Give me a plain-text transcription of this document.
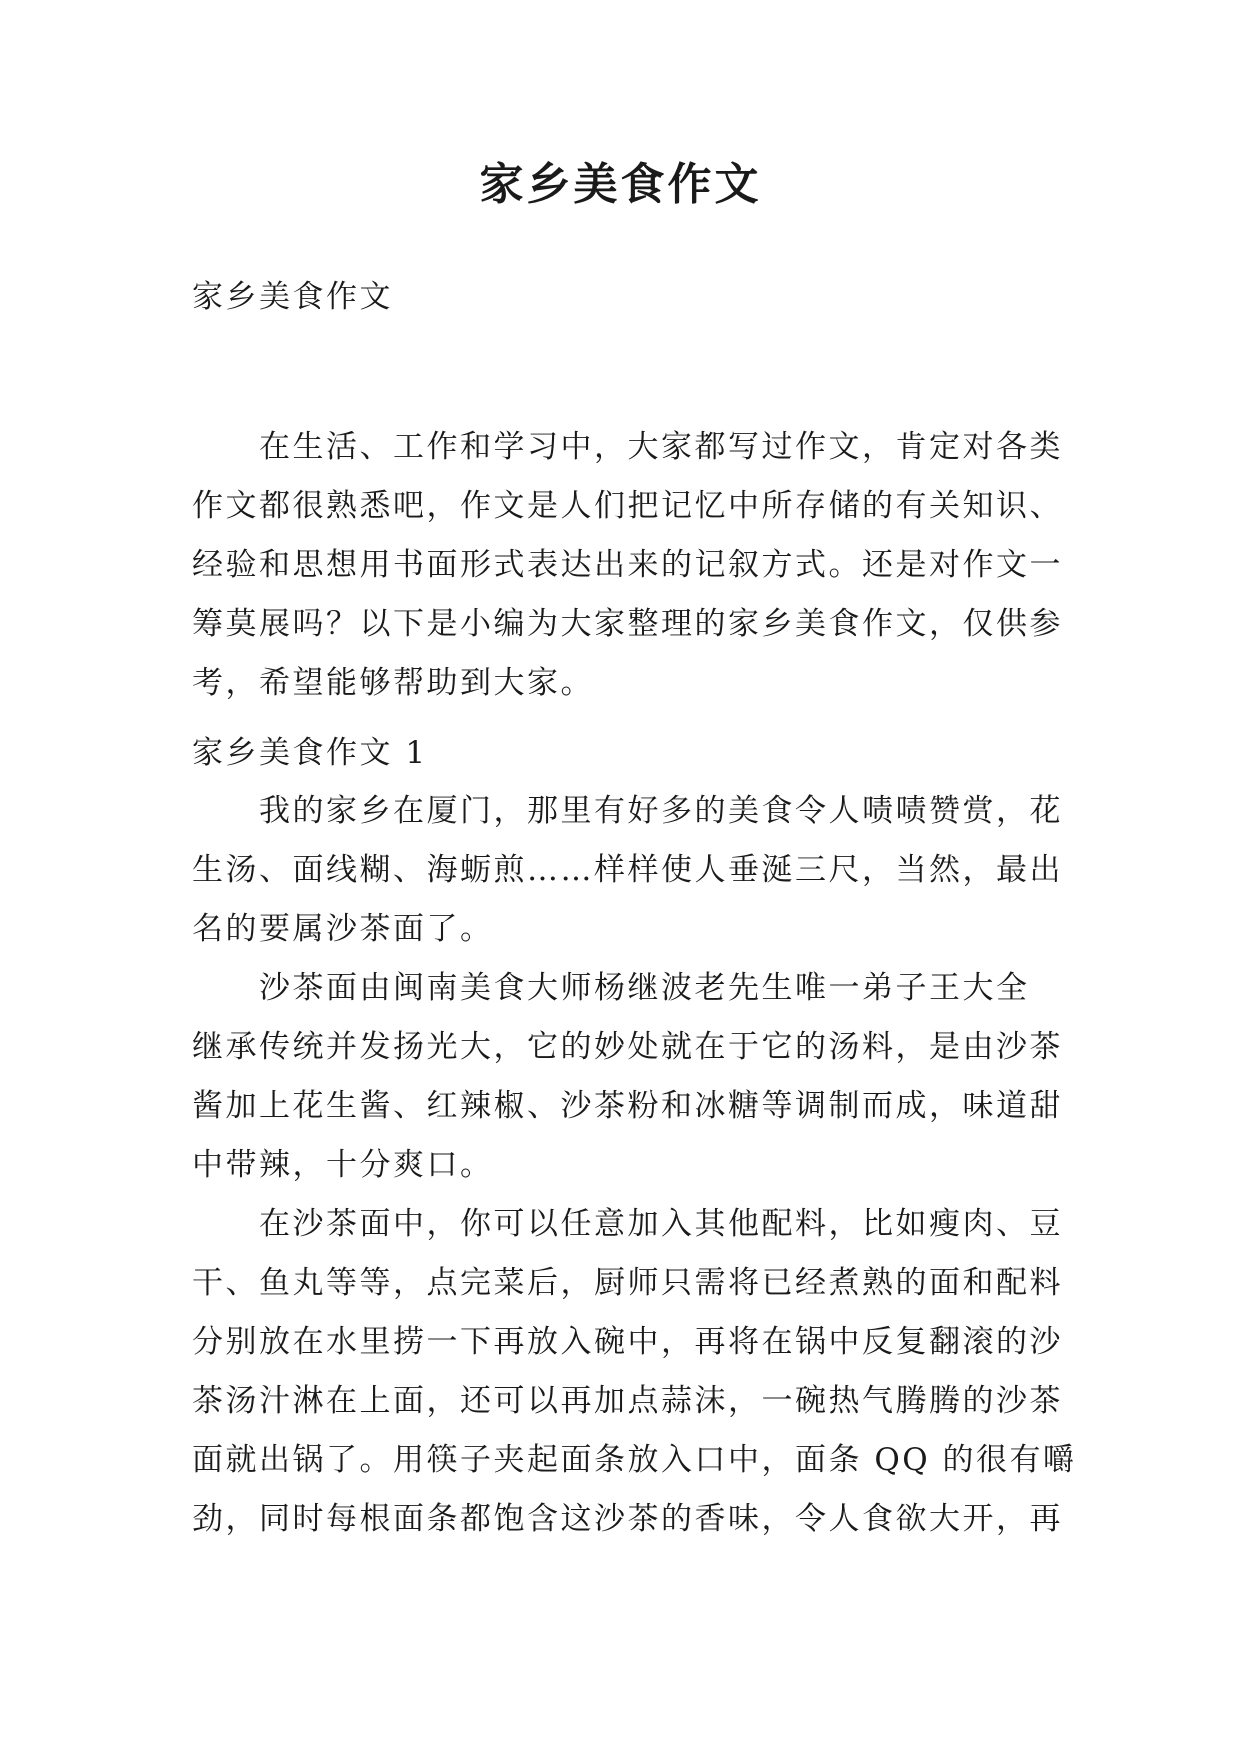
家乡美食作文
家乡美食作文
　　在生活、工作和学习中，大家都写过作文，肯定对各类
作文都很熟悉吧，作文是人们把记忆中所存储的有关知识、
经验和思想用书面形式表达出来的记叙方式。还是对作文一
筹莫展吗？以下是小编为大家整理的家乡美食作文，仅供参
考，希望能够帮助到大家。
家乡美食作文 1
　　我的家乡在厦门，那里有好多的美食令人啧啧赞赏，花
生汤、面线糊、海蛎煎……样样使人垂涎三尺，当然，最出
名的要属沙茶面了。
　　沙茶面由闽南美食大师杨继波老先生唯一弟子王大全
继承传统并发扬光大，它的妙处就在于它的汤料，是由沙茶
酱加上花生酱、红辣椒、沙茶粉和冰糖等调制而成，味道甜
中带辣，十分爽口。
　　在沙茶面中，你可以任意加入其他配料，比如瘦肉、豆
干、鱼丸等等，点完菜后，厨师只需将已经煮熟的面和配料
分别放在水里捞一下再放入碗中，再将在锅中反复翻滚的沙
茶汤汁淋在上面，还可以再加点蒜沫，一碗热气腾腾的沙茶
面就出锅了。用筷子夹起面条放入口中，面条 QQ 的很有嚼
劲，同时每根面条都饱含这沙茶的香味，令人食欲大开，再
